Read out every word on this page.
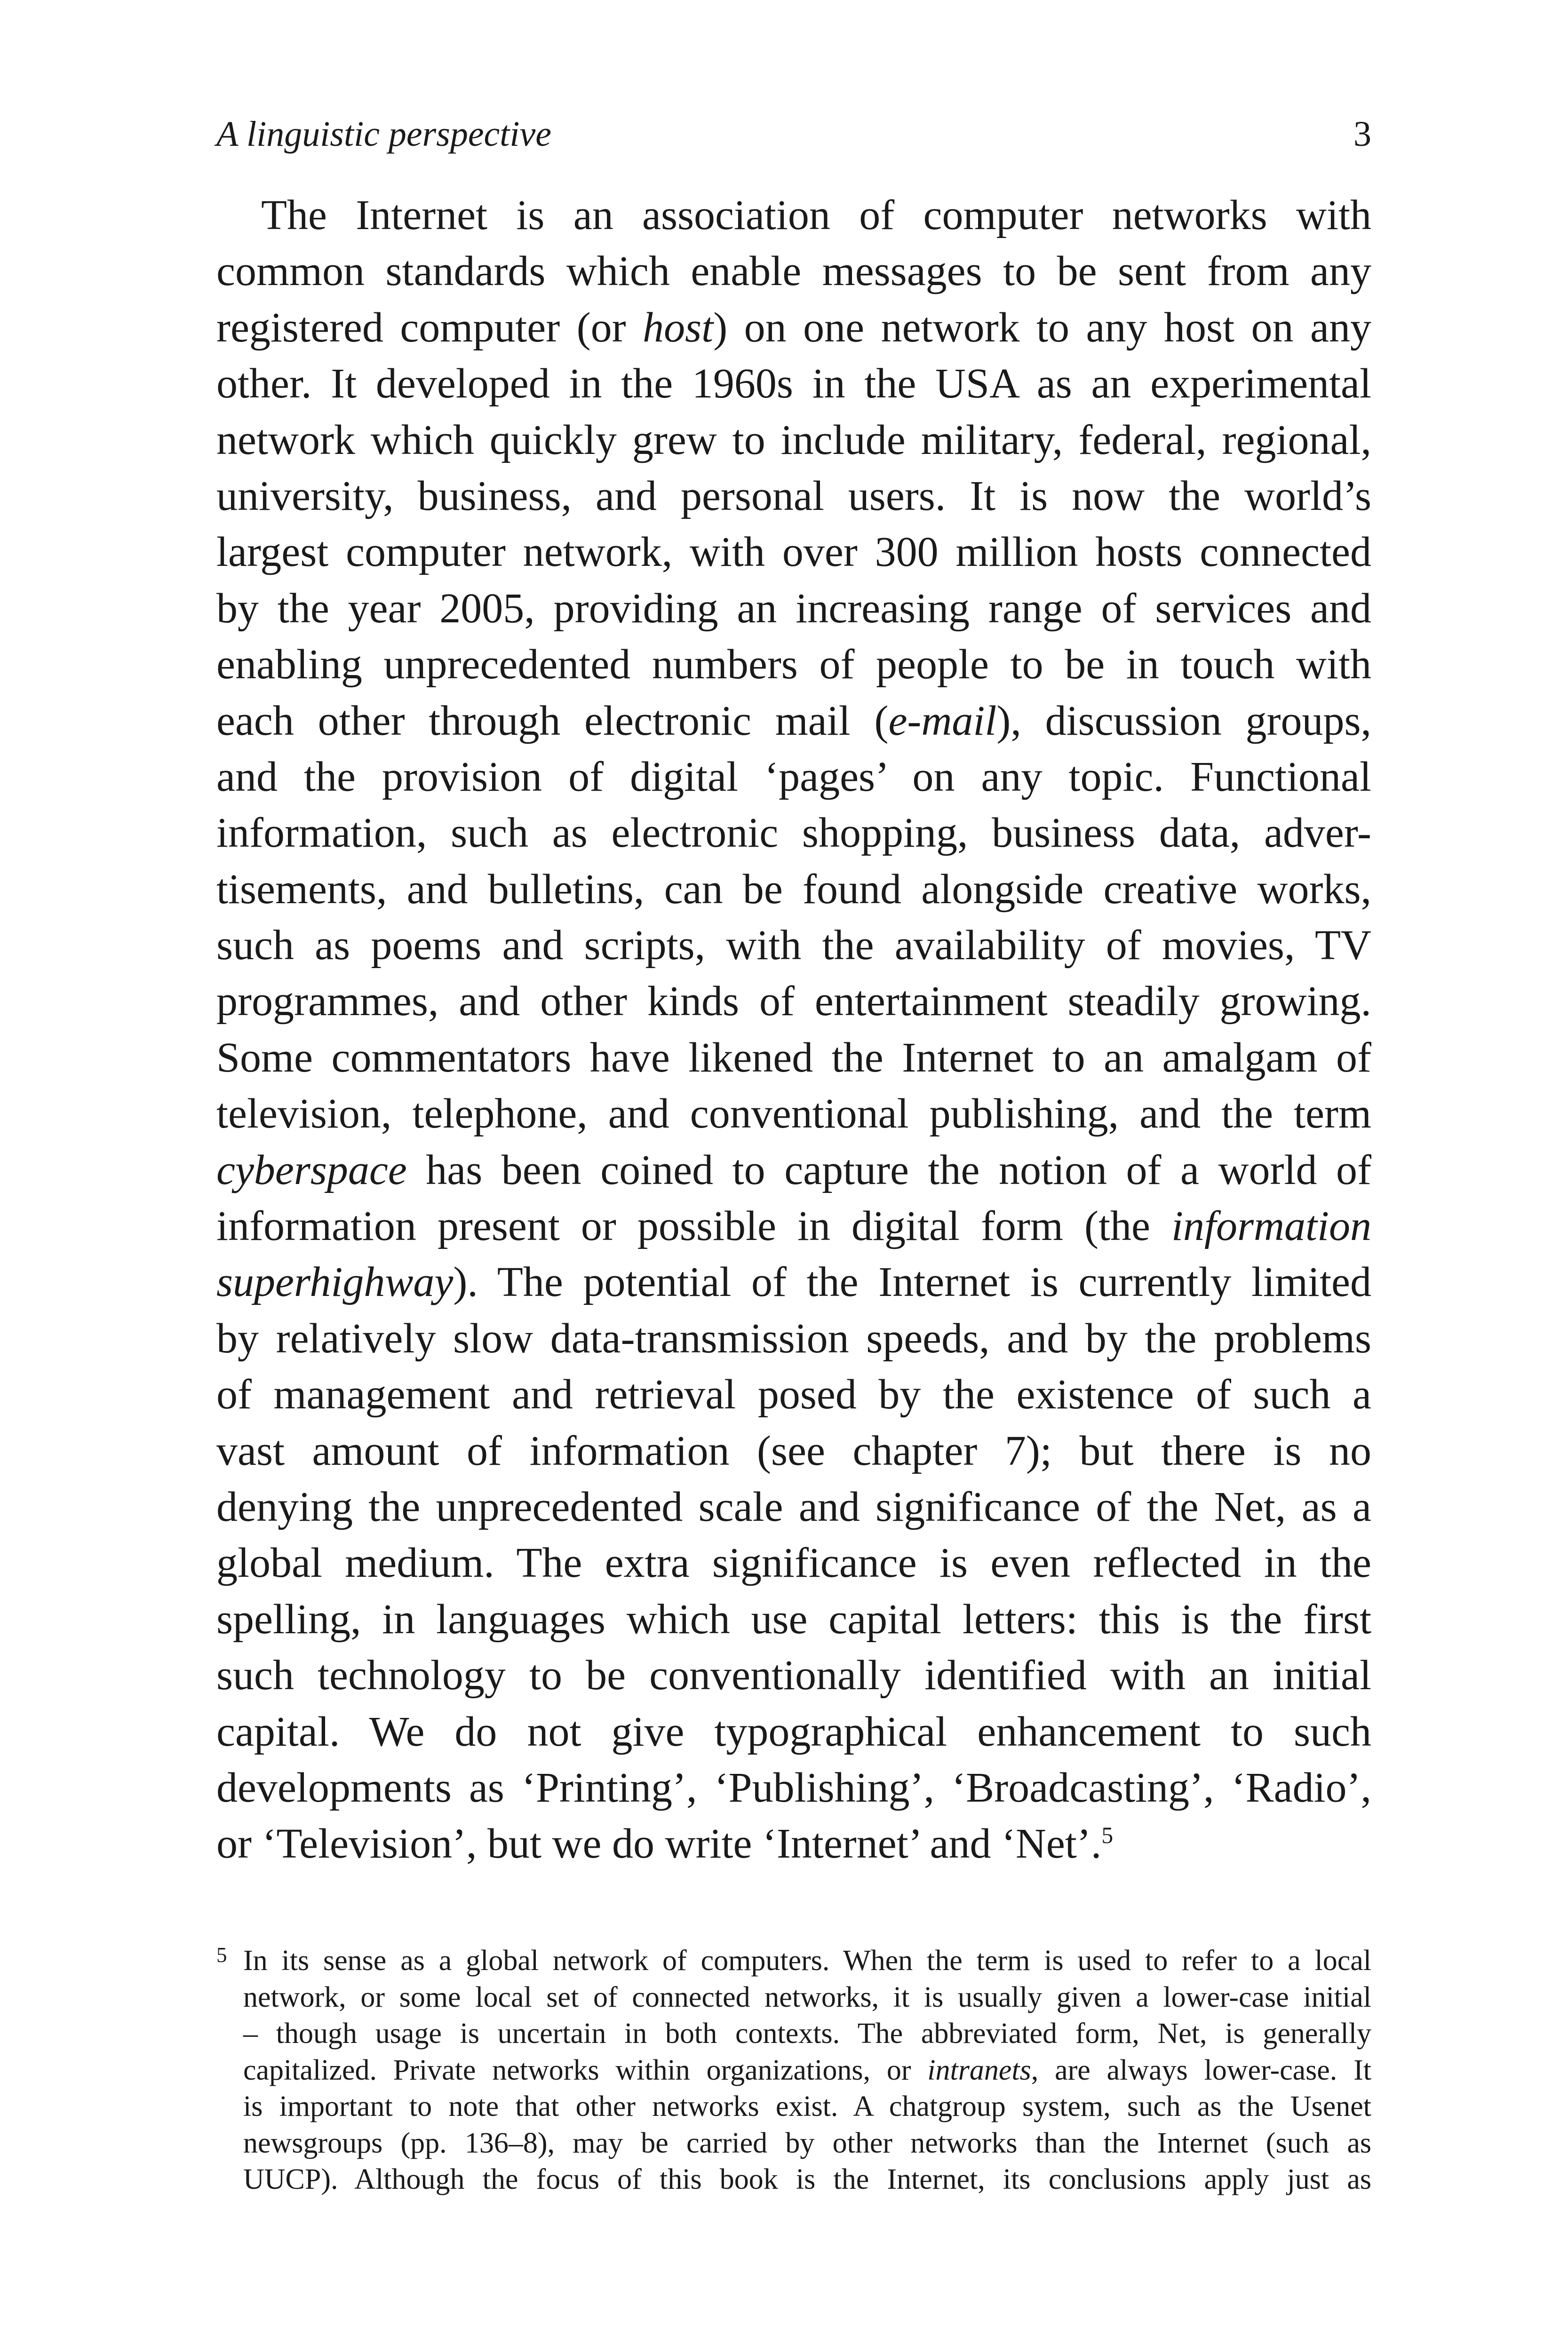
A linguistic perspective	3
The Internet is an association of computer networks with
common standards which enable messages to be sent from any
registered computer (or host) on one network to any host on any
other. It developed in the 1960s in the USA as an experimental
network which quickly grew to include military, federal, regional,
university, business, and personal users. It is now the world’s
largest computer network, with over 300 million hosts connected
by the year 2005, providing an increasing range of services and
enabling unprecedented numbers of people to be in touch with
each other through electronic mail (e-mail), discussion groups,
and the provision of digital ‘pages’ on any topic. Functional
information, such as electronic shopping, business data, adver-
tisements, and bulletins, can be found alongside creative works,
such as poems and scripts, with the availability of movies, TV
programmes, and other kinds of entertainment steadily growing.
Some commentators have likened the Internet to an amalgam of
television, telephone, and conventional publishing, and the term
cyberspace has been coined to capture the notion of a world of
information present or possible in digital form (the information
superhighway). The potential of the Internet is currently limited
by relatively slow data-transmission speeds, and by the problems
of management and retrieval posed by the existence of such a
vast amount of information (see chapter 7); but there is no
denying the unprecedented scale and significance of the Net, as a
global medium. The extra significance is even reflected in the
spelling, in languages which use capital letters: this is the first
such technology to be conventionally identified with an initial
capital. We do not give typographical enhancement to such
developments as ‘Printing’, ‘Publishing’, ‘Broadcasting’, ‘Radio’,
or ‘Television’, but we do write ‘Internet’ and ‘Net’.$^5$
5 In its sense as a global network of computers. When the term is used to refer to a local
network, or some local set of connected networks, it is usually given a lower-case initial
– though usage is uncertain in both contexts. The abbreviated form, Net, is generally
capitalized. Private networks within organizations, or intranets, are always lower-case. It
is important to note that other networks exist. A chatgroup system, such as the Usenet
newsgroups (pp. 136–8), may be carried by other networks than the Internet (such as
UUCP). Although the focus of this book is the Internet, its conclusions apply just as
